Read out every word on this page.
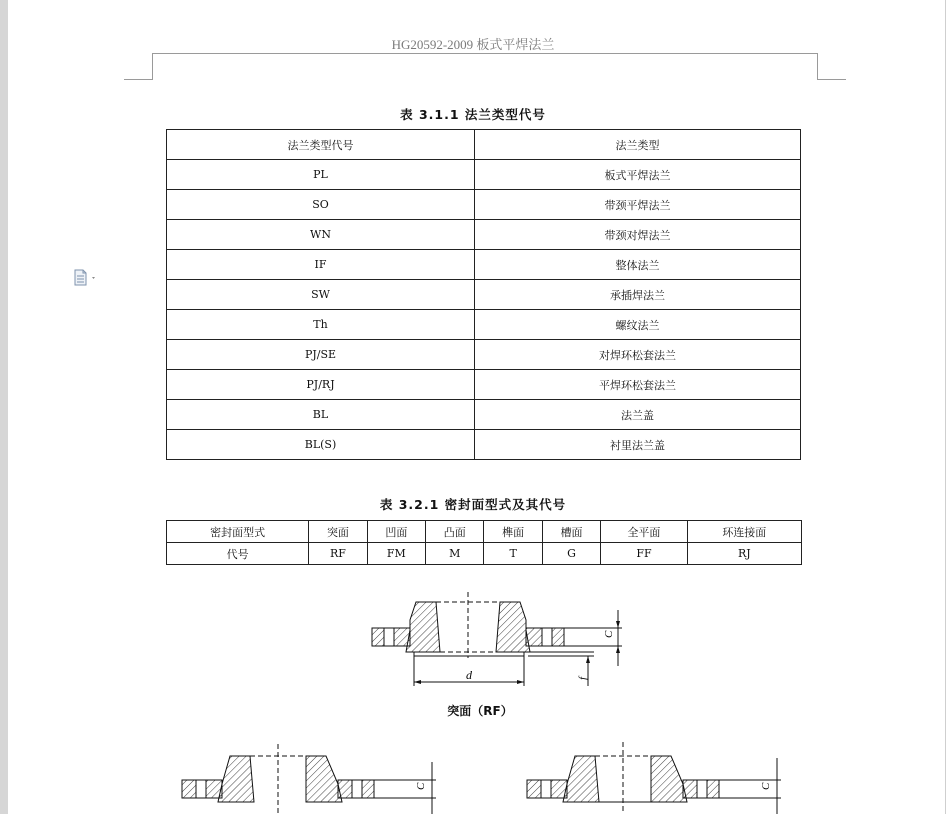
HG20592-2009 板式平焊法兰
表 3.1.1 法兰类型代号
法兰类型代号	法兰类型
PL	板式平焊法兰
SO	带颈平焊法兰
WN	带颈对焊法兰
IF	整体法兰
SW	承插焊法兰
Th	螺纹法兰
PJ/SE	对焊环松套法兰
PJ/RJ	平焊环松套法兰
BL	法兰盖
BL(S)	衬里法兰盖
表 3.2.1 密封面型式及其代号
密封面型式	突面	凹面	凸面	榫面	槽面	全平面	环连接面
代号	RF	FM	M	T	G	FF	RJ
d
C
f
突面（RF）
C	C
